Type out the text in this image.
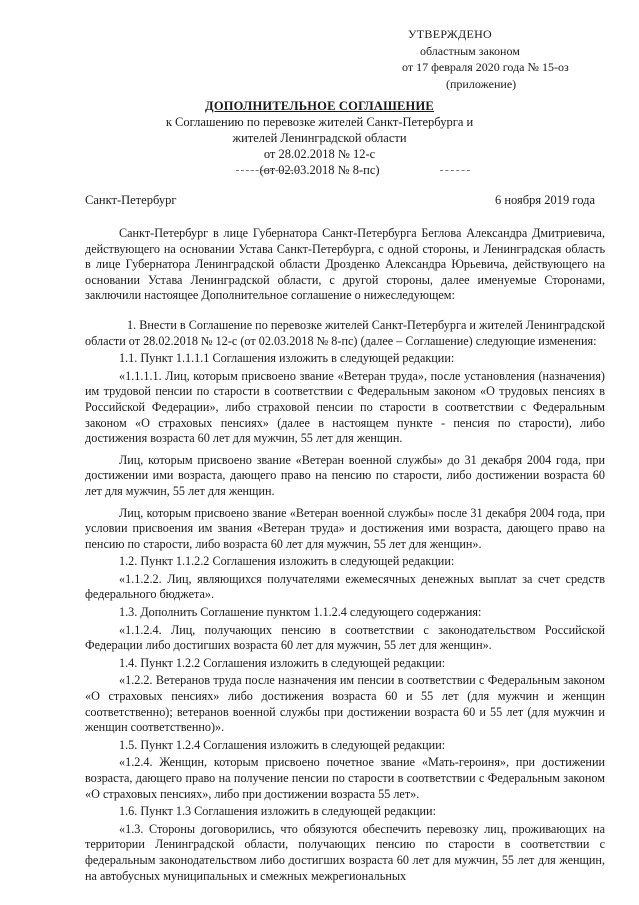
УТВЕРЖДЕНО
областным законом
от 17 февраля 2020 года № 15-оз
(приложение)
ДОПОЛНИТЕЛЬНОЕ СОГЛАШЕНИЕ
к Соглашению по перевозке жителей Санкт-Петербурга и
жителей Ленинградской области
от 28.02.2018 № 12-с
(от 02.03.2018 № 8-пс)
Санкт-Петербург	6 ноября 2019 года

Санкт-Петербург в лице Губернатора Санкт-Петербурга Беглова Александра Дмитриевича, действующего на основании Устава Санкт-Петербурга, с одной стороны, и Ленинградская область в лице Губернатора Ленинградской области Дрозденко Александра Юрьевича, действующего на основании Устава Ленинградской области, с другой стороны, далее именуемые Сторонами, заключили настоящее Дополнительное соглашение о нижеследующем:

1. Внести в Соглашение по перевозке жителей Санкт-Петербурга и жителей Ленинградской области от 28.02.2018 № 12-с (от 02.03.2018 № 8-пс) (далее – Соглашение) следующие изменения:

1.1. Пункт 1.1.1.1 Соглашения изложить в следующей редакции:

«1.1.1.1. Лиц, которым присвоено звание «Ветеран труда», после установления (назначения) им трудовой пенсии по старости в соответствии с Федеральным законом «О трудовых пенсиях в Российской Федерации», либо страховой пенсии по старости в соответствии с Федеральным законом «О страховых пенсиях» (далее в настоящем пункте - пенсия по старости), либо достижения возраста 60 лет для мужчин, 55 лет для женщин.

Лиц, которым присвоено звание «Ветеран военной службы» до 31 декабря 2004 года, при достижении ими возраста, дающего право на пенсию по старости, либо достижении возраста 60 лет для мужчин, 55 лет для женщин.

Лиц, которым присвоено звание «Ветеран военной службы» после 31 декабря 2004 года, при условии присвоения им звания «Ветеран труда» и достижения ими возраста, дающего право на пенсию по старости, либо возраста 60 лет для мужчин, 55 лет для женщин».

1.2. Пункт 1.1.2.2 Соглашения изложить в следующей редакции:

«1.1.2.2. Лиц, являющихся получателями ежемесячных денежных выплат за счет средств федерального бюджета».

1.3. Дополнить Соглашение пунктом 1.1.2.4 следующего содержания:

«1.1.2.4. Лиц, получающих пенсию в соответствии с законодательством Российской Федерации либо достигших возраста 60 лет для мужчин, 55 лет для женщин».

1.4. Пункт 1.2.2 Соглашения изложить в следующей редакции:

«1.2.2. Ветеранов труда после назначения им пенсии в соответствии с Федеральным законом «О страховых пенсиях» либо достижения возраста 60 и 55 лет (для мужчин и женщин соответственно); ветеранов военной службы при достижении возраста 60 и 55 лет (для мужчин и женщин соответственно)».

1.5. Пункт 1.2.4 Соглашения изложить в следующей редакции:

«1.2.4. Женщин, которым присвоено почетное звание «Мать-героиня», при достижении возраста, дающего право на получение пенсии по старости в соответствии с Федеральным законом «О страховых пенсиях», либо при достижении возраста 55 лет».

1.6. Пункт 1.3 Соглашения изложить в следующей редакции:

«1.3. Стороны договорились, что обязуются обеспечить перевозку лиц, проживающих на территории Ленинградской области, получающих пенсию по старости в соответствии с федеральным законодательством либо достигших возраста 60 лет для мужчин, 55 лет для женщин, на автобусных муниципальных и смежных межрегиональных
